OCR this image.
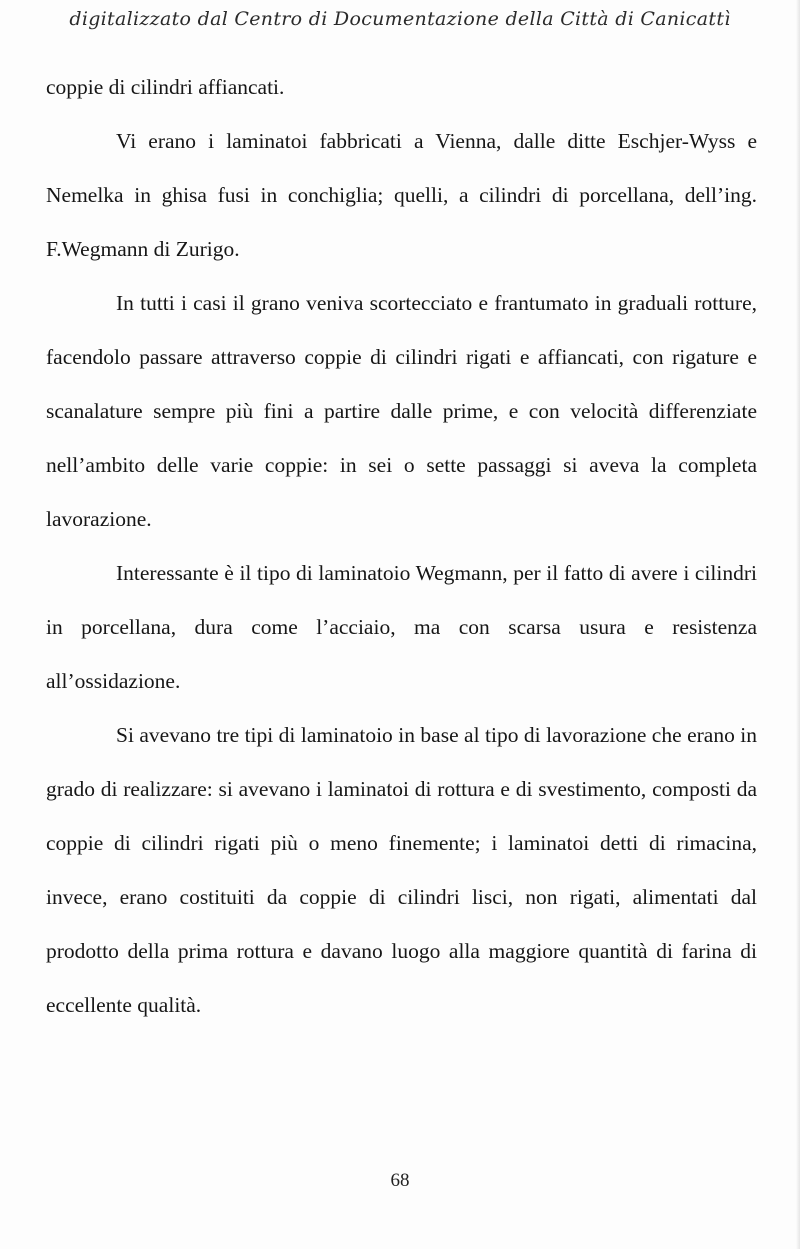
digitalizzato dal Centro di Documentazione della Città di Canicattì

coppie di cilindri affiancati.

Vi erano i laminatoi fabbricati a Vienna, dalle ditte Eschjer-Wyss e Nemelka in ghisa fusi in conchiglia; quelli, a cilindri di porcellana, dell’ing. F.Wegmann di Zurigo.

In tutti i casi il grano veniva scortecciato e frantumato in graduali rotture, facendolo passare attraverso coppie di cilindri rigati e affiancati, con rigature e scanalature sempre più fini a partire dalle prime, e con velocità differenziate nell’ambito delle varie coppie: in sei o sette passaggi si aveva la completa lavorazione.

Interessante è il tipo di laminatoio Wegmann, per il fatto di avere i cilindri in porcellana, dura come l’acciaio, ma con scarsa usura e resistenza all’ossidazione.

Si avevano tre tipi di laminatoio in base al tipo di lavorazione che erano in grado di realizzare: si avevano i laminatoi di rottura e di svestimento, composti da coppie di cilindri rigati più o meno finemente; i laminatoi detti di rimacina, invece, erano costituiti da coppie di cilindri lisci, non rigati, alimentati dal prodotto della prima rottura e davano luogo alla maggiore quantità di farina di eccellente qualità.

68
